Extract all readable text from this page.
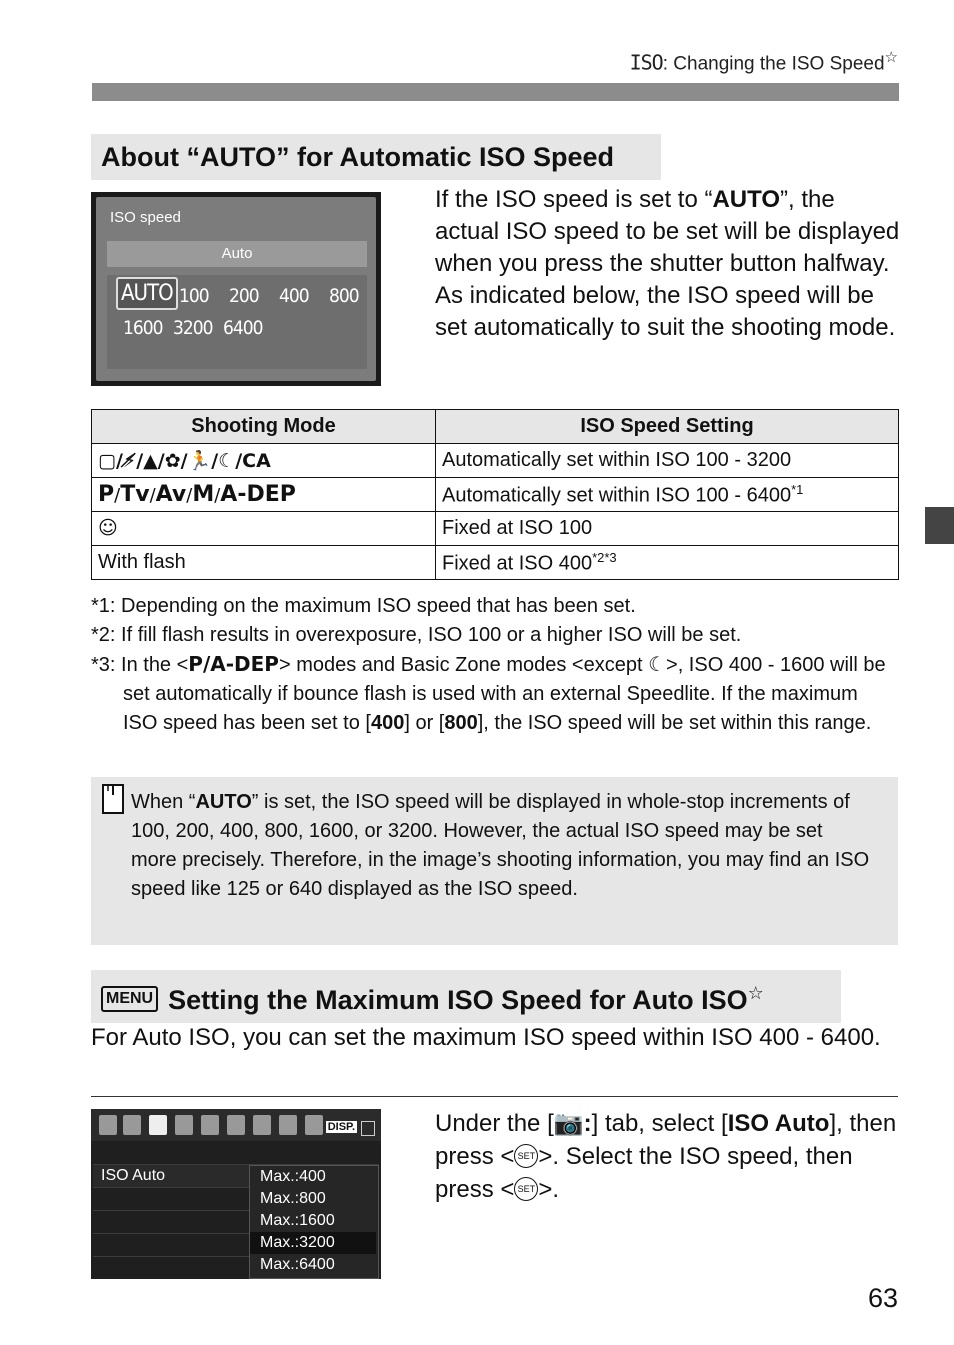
ISO: Changing the ISO Speed☆
About “AUTO” for Automatic ISO Speed
ISO speed
Auto
AUTO 100 200 400 800
1600 3200 6400
If the ISO speed is set to “AUTO”, the actual ISO speed to be set will be displayed when you press the shutter button halfway. As indicated below, the ISO speed will be set automatically to suit the shooting mode.
Shooting Mode	ISO Speed Setting
▢/⚡̸/▲/✿/🏃/☾/CA	Automatically set within ISO 100 - 3200
P/Tv/Av/M/A-DEP	Automatically set within ISO 100 - 6400$^{*1}$
☺	Fixed at ISO 100
With flash	Fixed at ISO $400^{*2*3}$
*1: Depending on the maximum ISO speed that has been set.
*2: If fill flash results in overexposure, ISO 100 or a higher ISO will be set.
*3: In the <P/A-DEP> modes and Basic Zone modes <except ☾>, ISO 400 - 1600 will be set automatically if bounce flash is used with an external Speedlite. If the maximum ISO speed has been set to [400] or [800], the ISO speed will be set within this range.
When “AUTO” is set, the ISO speed will be displayed in whole-stop increments of 100, 200, 400, 800, 1600, or 3200. However, the actual ISO speed may be set more precisely. Therefore, in the image’s shooting information, you may find an ISO speed like 125 or 640 displayed as the ISO speed.
MENU Setting the Maximum ISO Speed for Auto ISO☆
For Auto ISO, you can set the maximum ISO speed within ISO 400 - 6400.
DISP.
ISO Auto	Max.:400
Max.:800
Max.:1600
Max.:3200
Max.:6400
Under the [📷:] tab, select [ISO Auto], then press < SET >. Select the ISO speed, then press < SET >.
63
